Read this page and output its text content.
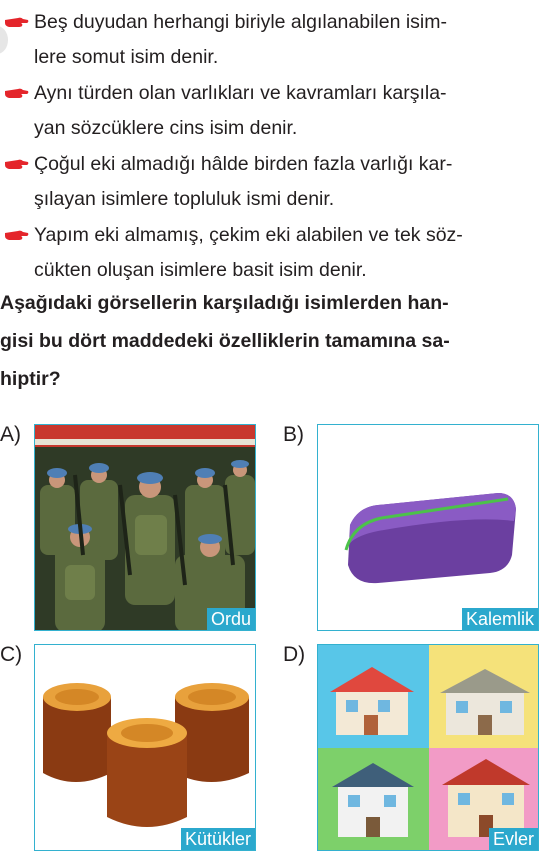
Beş duyudan herhangi biriyle algılanabilen isim-
lere somut isim denir.
Aynı türden olan varlıkları ve kavramları karşıla-
yan sözcüklere cins isim denir.
Çoğul eki almadığı hâlde birden fazla varlığı kar-
şılayan isimlere topluluk ismi denir.
Yapım eki almamış, çekim eki alabilen ve tek söz-
cükten oluşan isimlere basit isim denir.
Aşağıdaki görsellerin karşıladığı isimlerden han-
gisi bu dört maddedeki özelliklerin tamamına sa-
hiptir?
A)
Ordu
B)
Kalemlik
C)
Kütükler
D)
Evler
